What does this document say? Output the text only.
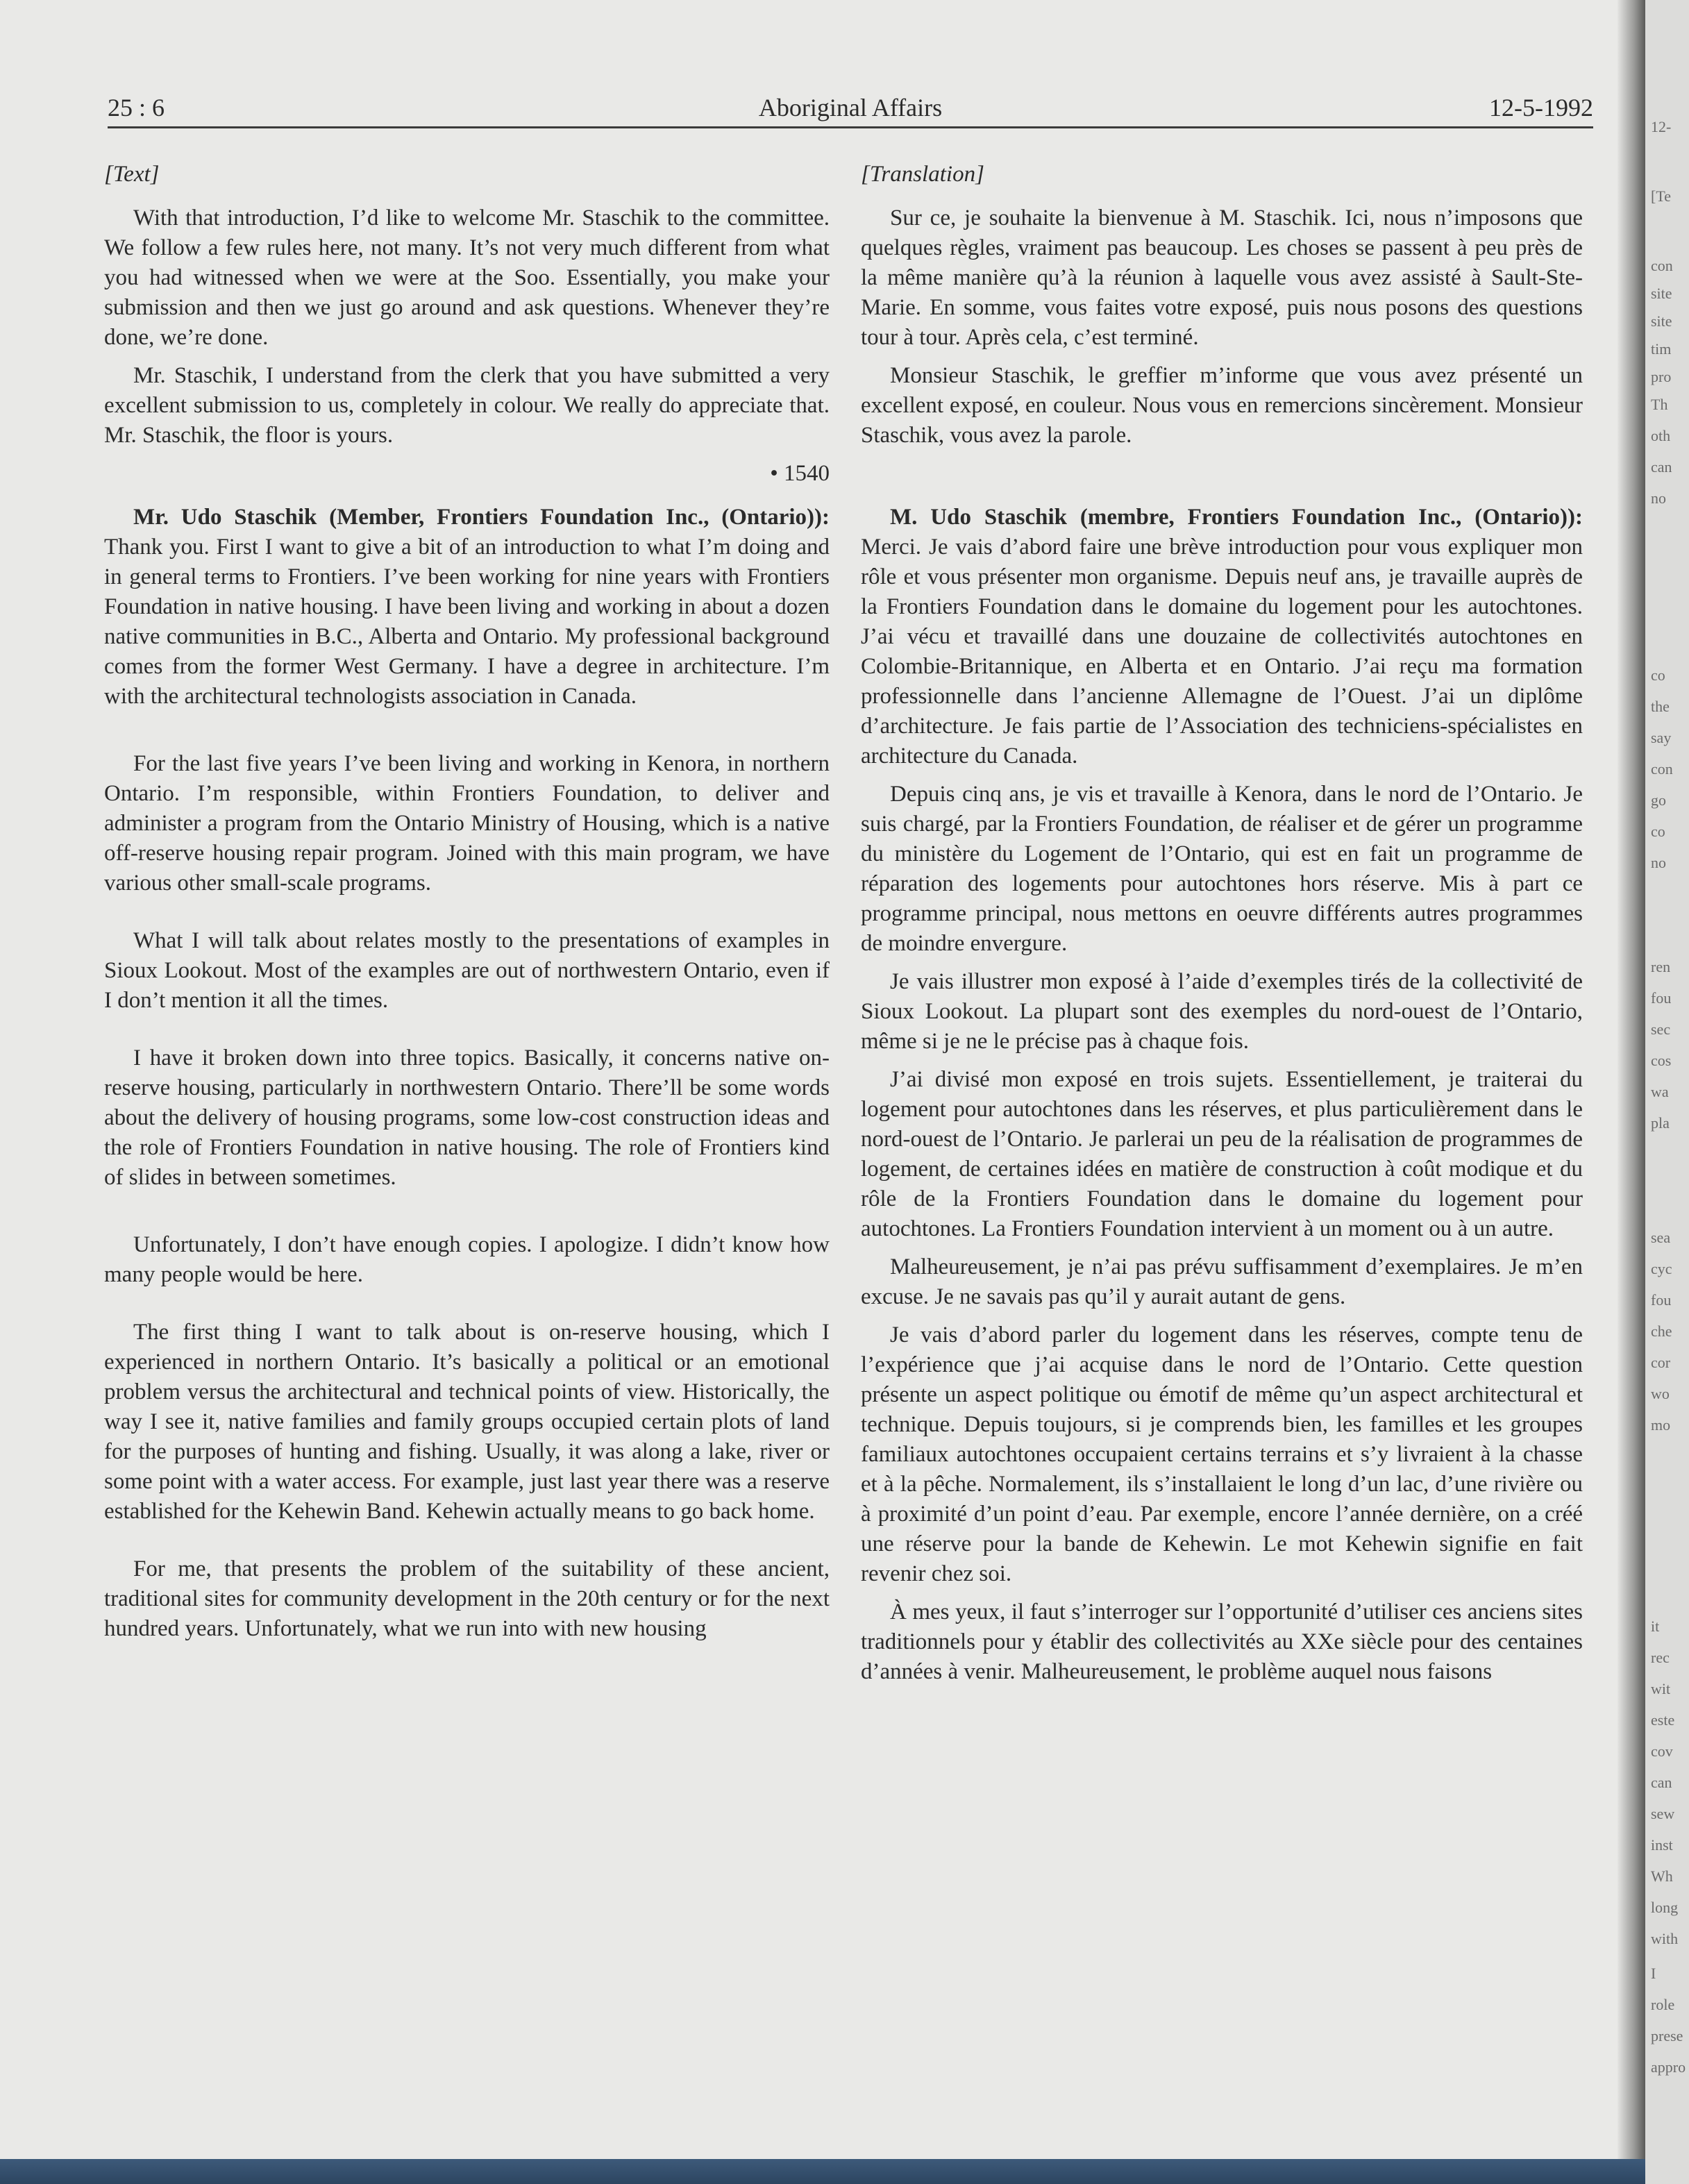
25 : 6	Aboriginal Affairs	12-5-1992

[Text]

With that introduction, I’d like to welcome Mr. Staschik to the committee. We follow a few rules here, not many. It’s not very much different from what you had witnessed when we were at the Soo. Essentially, you make your submission and then we just go around and ask questions. Whenever they’re done, we’re done.

Mr. Staschik, I understand from the clerk that you have submitted a very excellent submission to us, completely in colour. We really do appreciate that. Mr. Staschik, the floor is yours.

• 1540

Mr. Udo Staschik (Member, Frontiers Foundation Inc., (Ontario)): Thank you. First I want to give a bit of an introduction to what I’m doing and in general terms to Frontiers. I’ve been working for nine years with Frontiers Foundation in native housing. I have been living and working in about a dozen native communities in B.C., Alberta and Ontario. My professional background comes from the former West Germany. I have a degree in architecture. I’m with the architectural technologists association in Canada.

For the last five years I’ve been living and working in Kenora, in northern Ontario. I’m responsible, within Frontiers Foundation, to deliver and administer a program from the Ontario Ministry of Housing, which is a native off-reserve housing repair program. Joined with this main program, we have various other small-scale programs.

What I will talk about relates mostly to the presentations of examples in Sioux Lookout. Most of the examples are out of northwestern Ontario, even if I don’t mention it all the times.

I have it broken down into three topics. Basically, it concerns native on-reserve housing, particularly in northwestern Ontario. There’ll be some words about the delivery of housing programs, some low-cost construction ideas and the role of Frontiers Foundation in native housing. The role of Frontiers kind of slides in between sometimes.

Unfortunately, I don’t have enough copies. I apologize. I didn’t know how many people would be here.

The first thing I want to talk about is on-reserve housing, which I experienced in northern Ontario. It’s basically a political or an emotional problem versus the architectural and technical points of view. Historically, the way I see it, native families and family groups occupied certain plots of land for the purposes of hunting and fishing. Usually, it was along a lake, river or some point with a water access. For example, just last year there was a reserve established for the Kehewin Band. Kehewin actually means to go back home.

For me, that presents the problem of the suitability of these ancient, traditional sites for community development in the 20th century or for the next hundred years. Unfortunately, what we run into with new housing

[Translation]

Sur ce, je souhaite la bienvenue à M. Staschik. Ici, nous n’imposons que quelques règles, vraiment pas beaucoup. Les choses se passent à peu près de la même manière qu’à la réunion à laquelle vous avez assisté à Sault-Ste-Marie. En somme, vous faites votre exposé, puis nous posons des questions tour à tour. Après cela, c’est terminé.

Monsieur Staschik, le greffier m’informe que vous avez présenté un excellent exposé, en couleur. Nous vous en remercions sincèrement. Monsieur Staschik, vous avez la parole.

M. Udo Staschik (membre, Frontiers Foundation Inc., (Ontario)): Merci. Je vais d’abord faire une brève introduction pour vous expliquer mon rôle et vous présenter mon organisme. Depuis neuf ans, je travaille auprès de la Frontiers Foundation dans le domaine du logement pour les autochtones. J’ai vécu et travaillé dans une douzaine de collectivités autochtones en Colombie-Britannique, en Alberta et en Ontario. J’ai reçu ma formation professionnelle dans l’ancienne Allemagne de l’Ouest. J’ai un diplôme d’architecture. Je fais partie de l’Association des techniciens-spécialistes en architecture du Canada.

Depuis cinq ans, je vis et travaille à Kenora, dans le nord de l’Ontario. Je suis chargé, par la Frontiers Foundation, de réaliser et de gérer un programme du ministère du Logement de l’Ontario, qui est en fait un programme de réparation des logements pour autochtones hors réserve. Mis à part ce programme principal, nous mettons en oeuvre différents autres programmes de moindre envergure.

Je vais illustrer mon exposé à l’aide d’exemples tirés de la collectivité de Sioux Lookout. La plupart sont des exemples du nord-ouest de l’Ontario, même si je ne le précise pas à chaque fois.

J’ai divisé mon exposé en trois sujets. Essentiellement, je traiterai du logement pour autochtones dans les réserves, et plus particulièrement dans le nord-ouest de l’Ontario. Je parlerai un peu de la réalisation de programmes de logement, de certaines idées en matière de construction à coût modique et du rôle de la Frontiers Foundation dans le domaine du logement pour autochtones. La Frontiers Foundation intervient à un moment ou à un autre.

Malheureusement, je n’ai pas prévu suffisamment d’exemplaires. Je m’en excuse. Je ne savais pas qu’il y aurait autant de gens.

Je vais d’abord parler du logement dans les réserves, compte tenu de l’expérience que j’ai acquise dans le nord de l’Ontario. Cette question présente un aspect politique ou émotif de même qu’un aspect architectural et technique. Depuis toujours, si je comprends bien, les familles et les groupes familiaux autochtones occupaient certains terrains et s’y livraient à la chasse et à la pêche. Normalement, ils s’installaient le long d’un lac, d’une rivière ou à proximité d’un point d’eau. Par exemple, encore l’année dernière, on a créé une réserve pour la bande de Kehewin. Le mot Kehewin signifie en fait revenir chez soi.

À mes yeux, il faut s’interroger sur l’opportunité d’utiliser ces anciens sites traditionnels pour y établir des collectivités au XXe siècle pour des centaines d’années à venir. Malheureusement, le problème auquel nous faisons

12-
[Te
con
site
site
tim
pro
Th
oth
can
no
co
the
say
con
go
co
no
ren
fou
sec
cos
wa
pla
sea
cyc
fou
che
cor
wo
mo
it
rec
wit
este
cov
can
sew
inst
Wh
long
with
I
role
prese
appro
